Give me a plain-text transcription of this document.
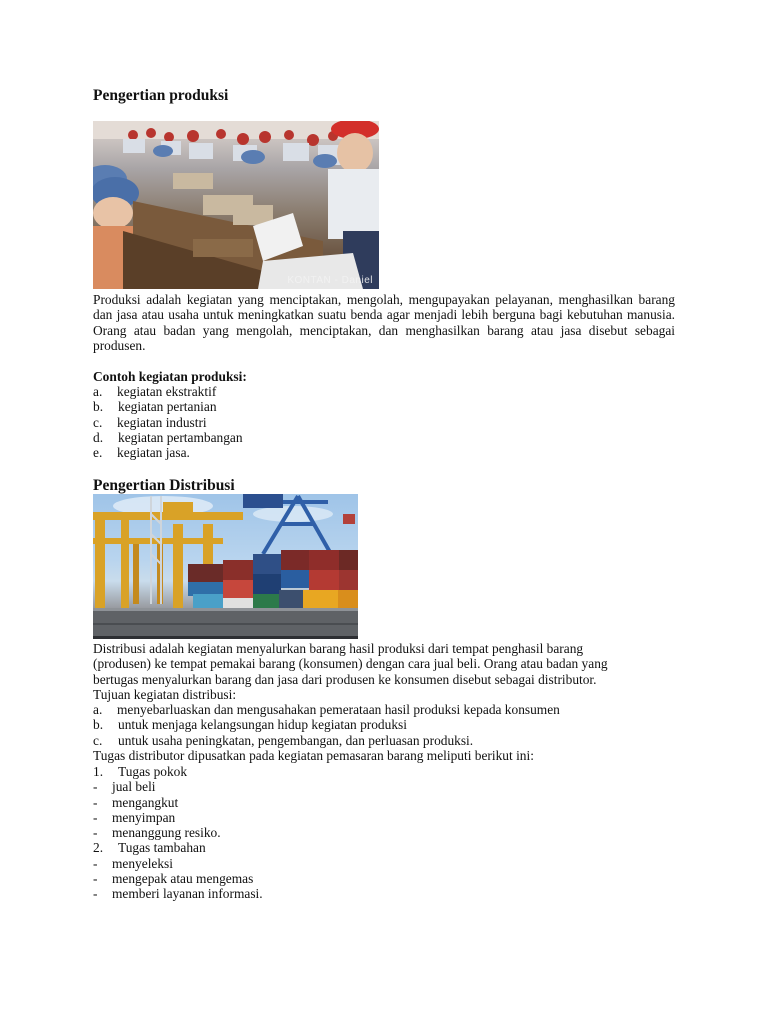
Pengertian produksi
KONTAN - Daniel
Produksi adalah kegiatan yang menciptakan, mengolah, mengupayakan pelayanan, menghasilkan barang dan jasa atau usaha untuk meningkatkan suatu benda agar menjadi lebih berguna bagi kebutuhan manusia. Orang atau badan yang mengolah, menciptakan, dan menghasilkan barang atau jasa disebut sebagai produsen.
Contoh kegiatan produksi:
a.	kegiatan ekstraktif
b.	kegiatan pertanian
c.	kegiatan industri
d.	kegiatan pertambangan
e.	kegiatan jasa.
Pengertian Distribusi
Distribusi adalah kegiatan menyalurkan barang hasil produksi dari tempat penghasil barang
(produsen) ke tempat pemakai barang (konsumen) dengan cara jual beli. Orang atau badan yang
bertugas menyalurkan barang dan jasa dari produsen ke konsumen disebut sebagai distributor.
Tujuan kegiatan distribusi:
a.	menyebarluaskan dan mengusahakan pemerataan hasil produksi kepada konsumen
b.	untuk menjaga kelangsungan hidup kegiatan produksi
c.	untuk usaha peningkatan, pengembangan, dan perluasan produksi.
Tugas distributor dipusatkan pada kegiatan pemasaran barang meliputi berikut ini:
1.	Tugas pokok
-	jual beli
-	mengangkut
-	menyimpan
-	menanggung resiko.
2.	Tugas tambahan
-	menyeleksi
-	mengepak atau mengemas
-	memberi layanan informasi.
